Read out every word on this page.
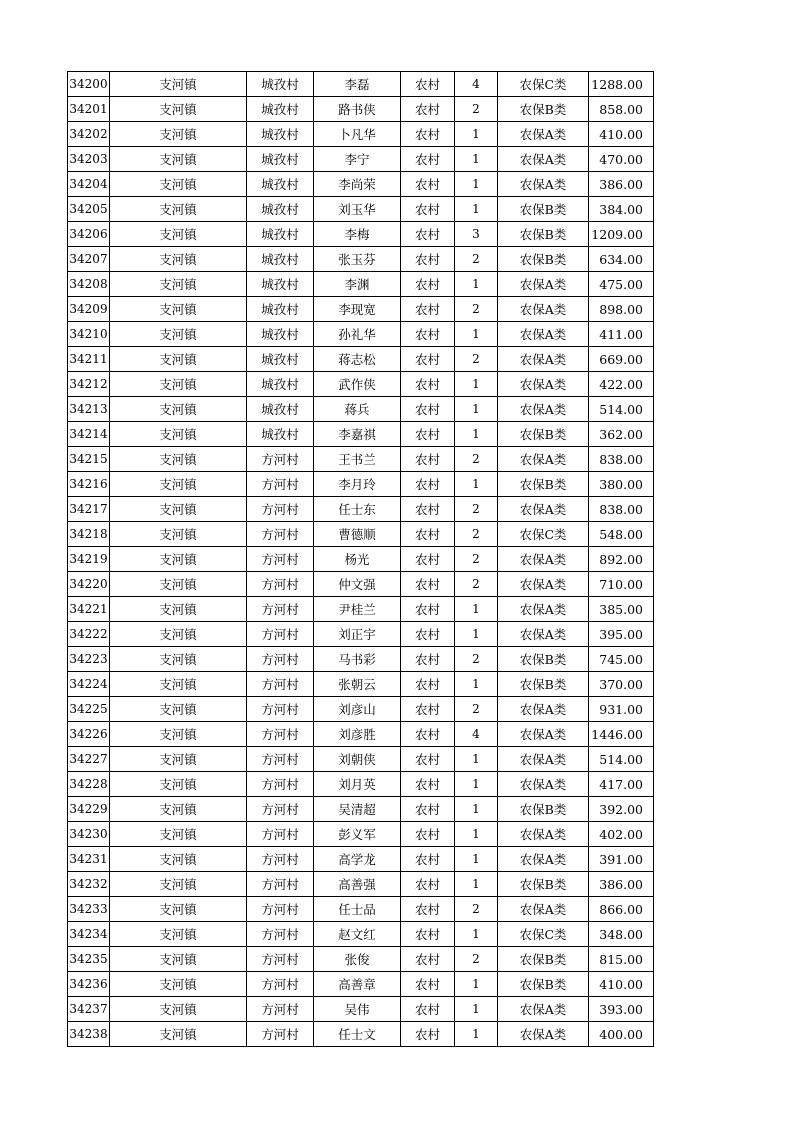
34200	支河镇	城孜村	李磊	农村	4	农保C类	1288.00
34201	支河镇	城孜村	路书侠	农村	2	农保B类	858.00
34202	支河镇	城孜村	卜凡华	农村	1	农保A类	410.00
34203	支河镇	城孜村	李宁	农村	1	农保A类	470.00
34204	支河镇	城孜村	李尚荣	农村	1	农保A类	386.00
34205	支河镇	城孜村	刘玉华	农村	1	农保B类	384.00
34206	支河镇	城孜村	李梅	农村	3	农保B类	1209.00
34207	支河镇	城孜村	张玉芬	农村	2	农保B类	634.00
34208	支河镇	城孜村	李渊	农村	1	农保A类	475.00
34209	支河镇	城孜村	李现宽	农村	2	农保A类	898.00
34210	支河镇	城孜村	孙礼华	农村	1	农保A类	411.00
34211	支河镇	城孜村	蒋志松	农村	2	农保A类	669.00
34212	支河镇	城孜村	武作侠	农村	1	农保A类	422.00
34213	支河镇	城孜村	蒋兵	农村	1	农保A类	514.00
34214	支河镇	城孜村	李嘉祺	农村	1	农保B类	362.00
34215	支河镇	方河村	王书兰	农村	2	农保A类	838.00
34216	支河镇	方河村	李月玲	农村	1	农保B类	380.00
34217	支河镇	方河村	任士东	农村	2	农保A类	838.00
34218	支河镇	方河村	曹德顺	农村	2	农保C类	548.00
34219	支河镇	方河村	杨光	农村	2	农保A类	892.00
34220	支河镇	方河村	仲文强	农村	2	农保A类	710.00
34221	支河镇	方河村	尹桂兰	农村	1	农保A类	385.00
34222	支河镇	方河村	刘正宇	农村	1	农保A类	395.00
34223	支河镇	方河村	马书彩	农村	2	农保B类	745.00
34224	支河镇	方河村	张朝云	农村	1	农保B类	370.00
34225	支河镇	方河村	刘彦山	农村	2	农保A类	931.00
34226	支河镇	方河村	刘彦胜	农村	4	农保A类	1446.00
34227	支河镇	方河村	刘朝侠	农村	1	农保A类	514.00
34228	支河镇	方河村	刘月英	农村	1	农保A类	417.00
34229	支河镇	方河村	吴清超	农村	1	农保B类	392.00
34230	支河镇	方河村	彭义军	农村	1	农保A类	402.00
34231	支河镇	方河村	高学龙	农村	1	农保A类	391.00
34232	支河镇	方河村	高善强	农村	1	农保B类	386.00
34233	支河镇	方河村	任士品	农村	2	农保A类	866.00
34234	支河镇	方河村	赵文红	农村	1	农保C类	348.00
34235	支河镇	方河村	张俊	农村	2	农保B类	815.00
34236	支河镇	方河村	高善章	农村	1	农保B类	410.00
34237	支河镇	方河村	吴伟	农村	1	农保A类	393.00
34238	支河镇	方河村	任士文	农村	1	农保A类	400.00
